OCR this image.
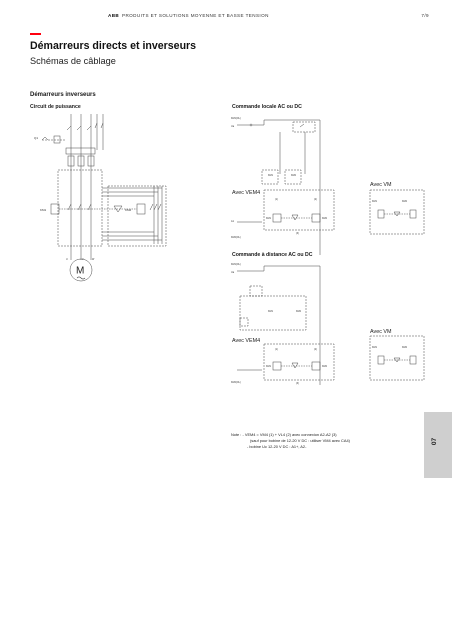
ABB PRODUITS ET SOLUTIONS MOYENNE ET BASSE TENSION	7/9
Démarreurs directs et inverseurs
Schémas de câblage
Démarreurs inverseurs
Circuit de puissance	Commande locale AC ou DC
Commande à distance AC ou DC
Avec VEM4
Avec VM
Avec VEM4
Avec VM
Q1
KM1	KM2
U	V	W
M
KM1(OL)
Ua
KM1	KM2
KM1	KM2
(1)	(2)
(3)
A1
KM2(OL)
KM1	KM2
KM1(OL)
Ua
KM1	KM2
KM1	KM2
(1)	(2)
(3)
KM2(OL)
KM1	KM2
Note : - VEM4 = VM4 (1) + VL4 (2) avec connexion A2-A2 (3)
(sauf pour bobine de 12-20 V DC : utiliser VM4 avec CA4)
- bobine Uc 12-20 V DC : A1+, A2-
07
